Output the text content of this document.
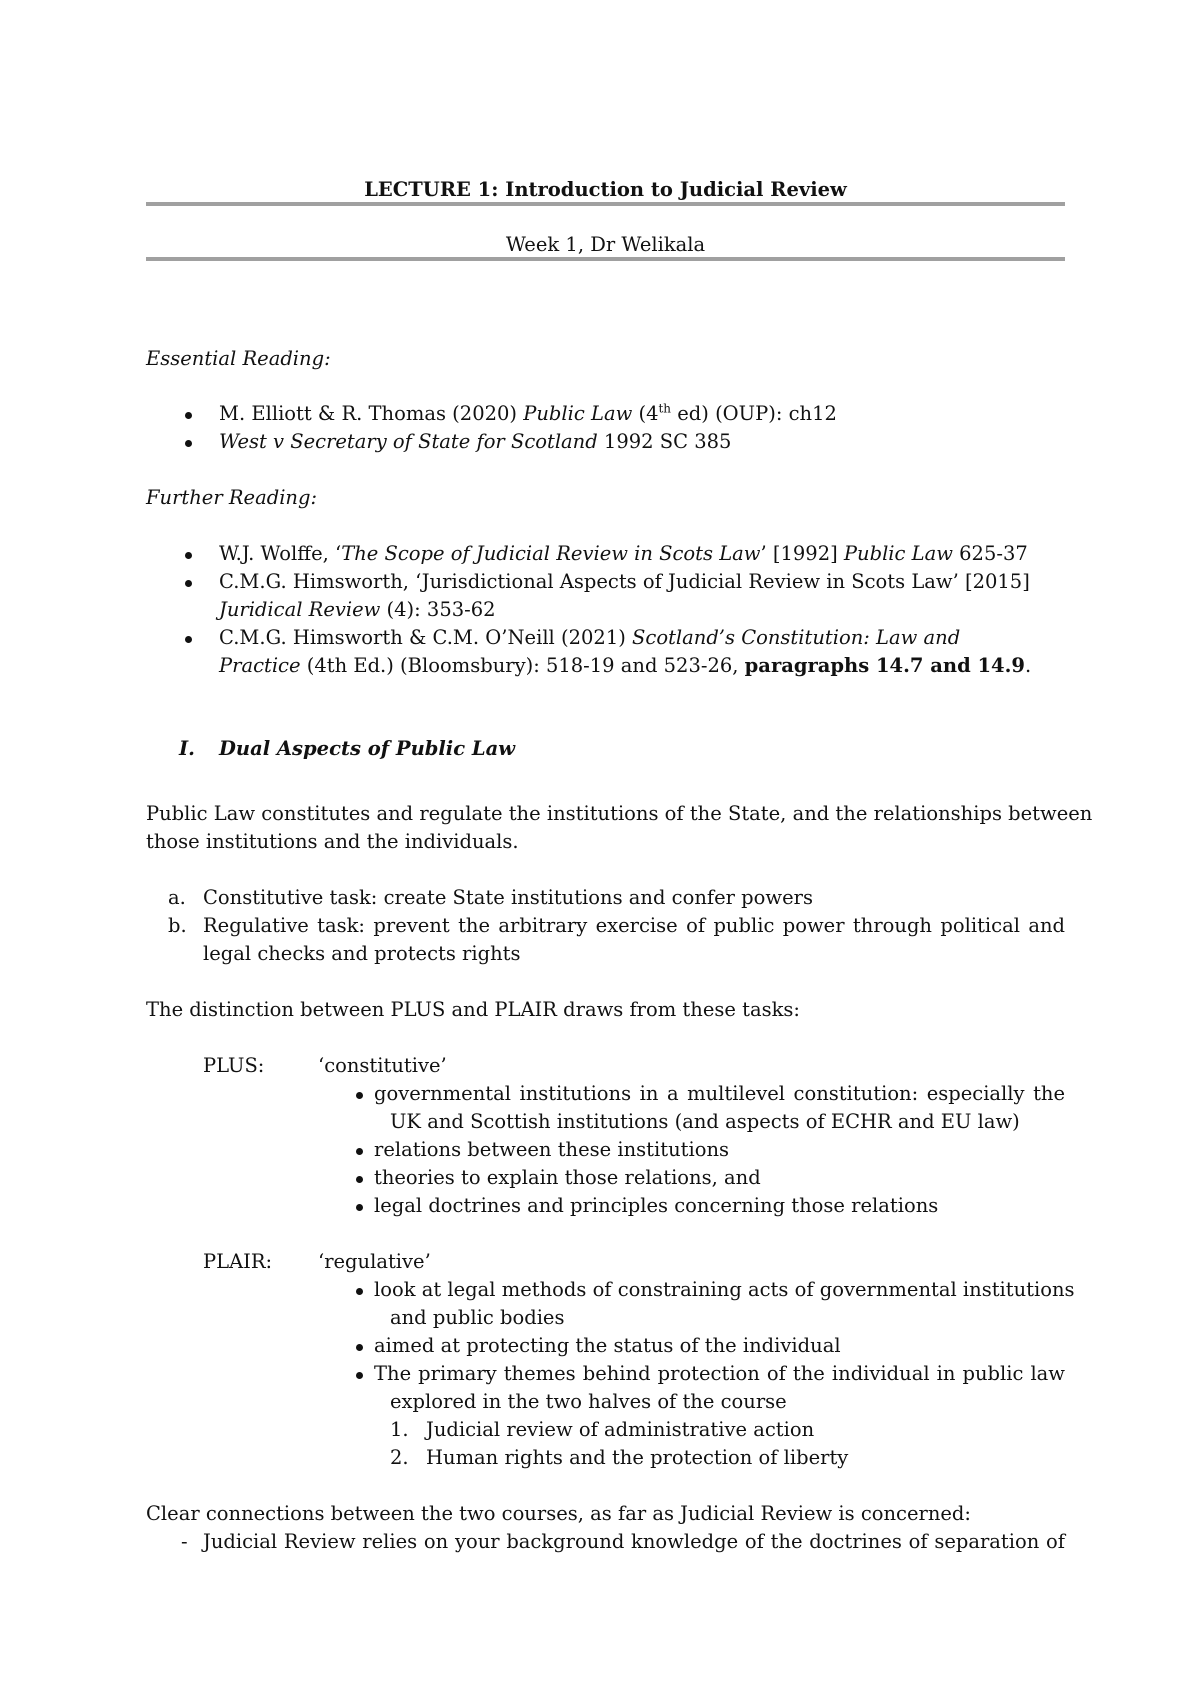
LECTURE 1: Introduction to Judicial Review
Week 1, Dr Welikala
Essential Reading:
M. Elliott & R. Thomas (2020) Public Law (4th ed) (OUP): ch12
West v Secretary of State for Scotland 1992 SC 385
Further Reading:
W.J. Wolffe, ‘The Scope of Judicial Review in Scots Law’ [1992] Public Law 625-37
C.M.G. Himsworth, ‘Jurisdictional Aspects of Judicial Review in Scots Law’ [2015]
Juridical Review (4): 353-62
C.M.G. Himsworth & C.M. O’Neill (2021) Scotland’s Constitution: Law and
Practice (4th Ed.) (Bloomsbury): 518-19 and 523-26, paragraphs 14.7 and 14.9.
I. Dual Aspects of Public Law
Public Law constitutes and regulate the institutions of the State, and the relationships between
those institutions and the individuals.
a. Constitutive task: create State institutions and confer powers
b. Regulative task: prevent the arbitrary exercise of public power through political and
legal checks and protects rights
The distinction between PLUS and PLAIR draws from these tasks:
PLUS:	‘constitutive’
governmental institutions in a multilevel constitution: especially the
UK and Scottish institutions (and aspects of ECHR and EU law)
relations between these institutions
theories to explain those relations, and
legal doctrines and principles concerning those relations
PLAIR: ‘regulative’
look at legal methods of constraining acts of governmental institutions
and public bodies
aimed at protecting the status of the individual
The primary themes behind protection of the individual in public law
explored in the two halves of the course
1. Judicial review of administrative action
2. Human rights and the protection of liberty
Clear connections between the two courses, as far as Judicial Review is concerned:
- Judicial Review relies on your background knowledge of the doctrines of separation of
